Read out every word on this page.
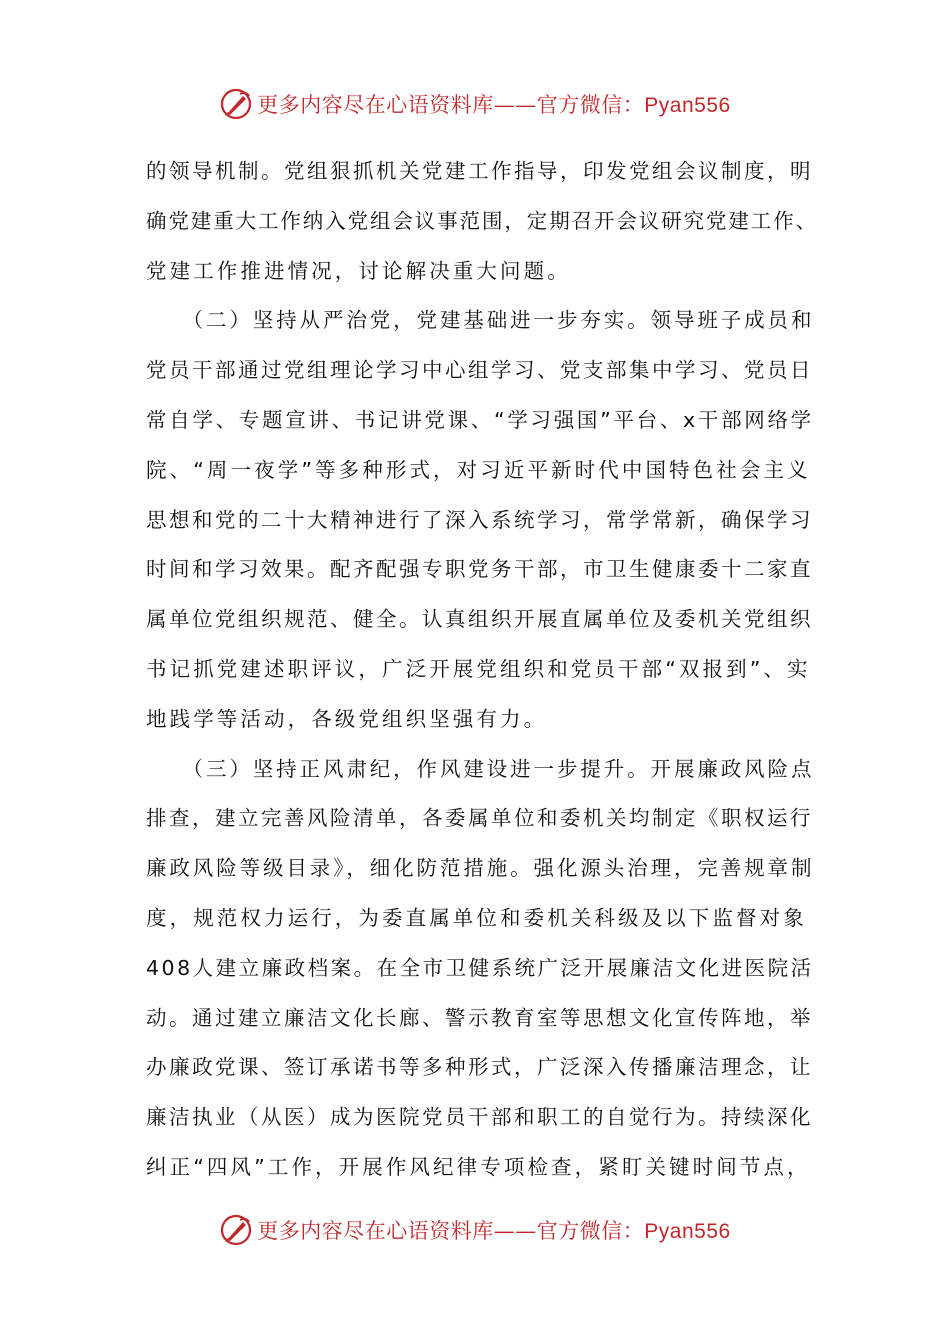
更多内容尽在心语资料库——官方微信：Pyan556
的领导机制。党组狠抓机关党建工作指导，印发党组会议制度，明
确党建重大工作纳入党组会议事范围，定期召开会议研究党建工作、
党建工作推进情况，讨论解决重大问题。
　　（二）坚持从严治党，党建基础进一步夯实。领导班子成员和
党员干部通过党组理论学习中心组学习、党支部集中学习、党员日
常自学、专题宣讲、书记讲党课、“学习强国”平台、x干部网络学
院、“周一夜学”等多种形式，对习近平新时代中国特色社会主义
思想和党的二十大精神进行了深入系统学习，常学常新，确保学习
时间和学习效果。配齐配强专职党务干部，市卫生健康委十二家直
属单位党组织规范、健全。认真组织开展直属单位及委机关党组织
书记抓党建述职评议，广泛开展党组织和党员干部“双报到”、实
地践学等活动，各级党组织坚强有力。
　　（三）坚持正风肃纪，作风建设进一步提升。开展廉政风险点
排查，建立完善风险清单，各委属单位和委机关均制定《职权运行
廉政风险等级目录》，细化防范措施。强化源头治理，完善规章制
度，规范权力运行，为委直属单位和委机关科级及以下监督对象
408人建立廉政档案。在全市卫健系统广泛开展廉洁文化进医院活
动。通过建立廉洁文化长廊、警示教育室等思想文化宣传阵地，举
办廉政党课、签订承诺书等多种形式，广泛深入传播廉洁理念，让
廉洁执业（从医）成为医院党员干部和职工的自觉行为。持续深化
纠正“四风”工作，开展作风纪律专项检查，紧盯关键时间节点，
更多内容尽在心语资料库——官方微信：Pyan556
